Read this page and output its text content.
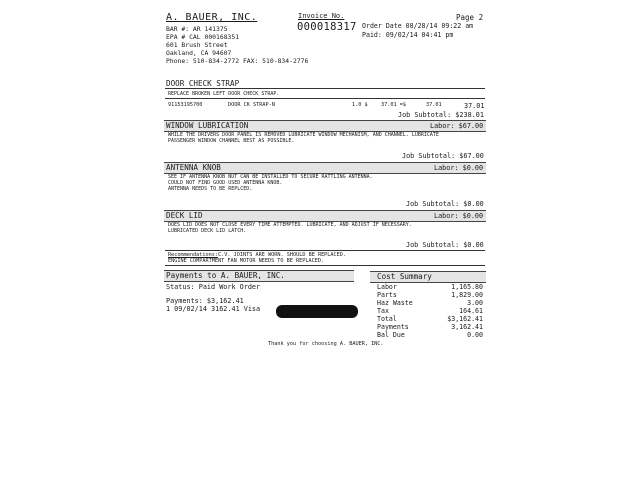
A. BAUER, INC.
BAR #: AR 141375
EPA # CAL 000168351
601 Brush Street
Oakland, CA 94607
Phone: 510-834-2772 FAX: 510-834-2776
Invoice No.
000018317
Page 2
Order Date 08/28/14 09:22 am
Paid: 09/02/14 04:41 pm
DOOR CHECK STRAP
REPLACE BROKEN LEFT DOOR CHECK STRAP.
91153195700	DOOR CK STRAP-N	1.0 $	37.01 =$	37.01	37.01
Job Subtotal: $238.01
WINDOW LUBRICATION	Labor: $67.00
WHILE THE DRIVERS DOOR PANEL IS REMOVED LUBRICATE WINDOW MECHANISM, AND CHANNEL. LUBRICATE
PASSENGER WINDOW CHANNEL BEST AS POSSIBLE.
Job Subtotal: $67.00
ANTENNA KNOB	Labor: $0.00
SEE IF ANTENNA KNOB NUT CAN BE INSTALLED TO SECURE RATTLING ANTENNA.
COULD NOT FIND GOOD USED ANTENNA KNOB.
ANTENNA NEEDS TO BE REPLCED.
Job Subtotal: $0.00
DECK LID	Labor: $0.00
DOES LID DOES NOT CLOSE EVERY TIME ATTEMPTED. LUBRICATE, AND ADJUST IF NECESSARY.
LUBRICATED DECK LID LATCH.
Job Subtotal: $0.00
Recommendations: C.V. JOINTS ARE WORN. SHOULD BE REPLACED.
ENGINE COMPARTMENT FAN MOTOR NEEDS TO BE REPLACED.
Payments to A. BAUER, INC.
Status: Paid Work Order
Payments: $3,162.41
1 09/02/14 3162.41 Visa
Cost Summary
Labor	1,165.80
Parts	1,829.00
Haz Waste	3.00
Tax	164.61
Total	$3,162.41
Payments	3,162.41
Bal Due	0.00
Thank you for choosing A. BAUER, INC.
